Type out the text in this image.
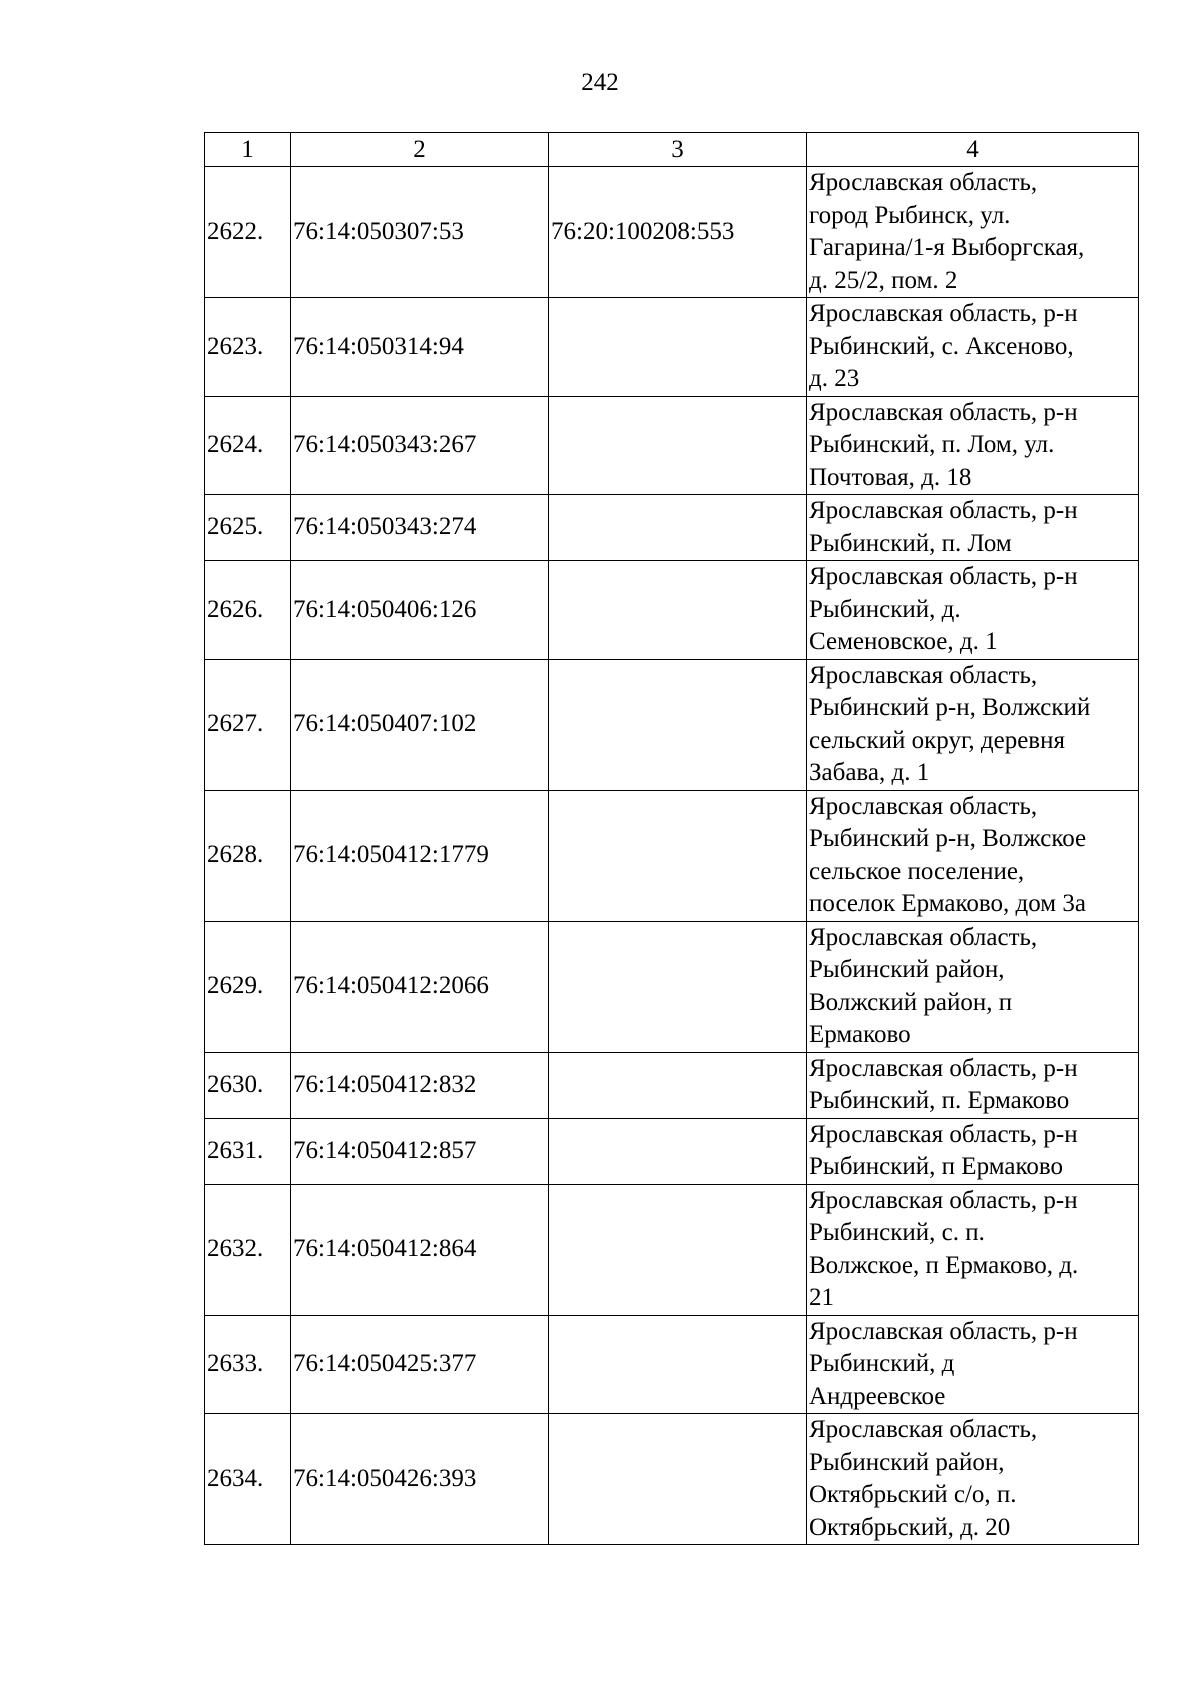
242
1	2	3	4
2622.	76:14:050307:53	76:20:100208:553	Ярославская область,
город Рыбинск, ул.
Гагарина/1-я Выборгская,
д. 25/2, пом. 2

2623.	76:14:050314:94		Ярославская область, р-н
Рыбинский, с. Аксеново,
д. 23

2624.	76:14:050343:267		Ярославская область, р-н
Рыбинский, п. Лом, ул.
Почтовая, д. 18

2625.	76:14:050343:274		Ярославская область, р-н
Рыбинский, п. Лом

2626.	76:14:050406:126		Ярославская область, р-н
Рыбинский, д.
Семеновское, д. 1

2627.	76:14:050407:102		Ярославская область,
Рыбинский р-н, Волжский
сельский округ, деревня
Забава, д. 1

2628.	76:14:050412:1779		Ярославская область,
Рыбинский р-н, Волжское
сельское поселение,
поселок Ермаково, дом 3а

2629.	76:14:050412:2066		Ярославская область,
Рыбинский район,
Волжский район, п
Ермаково

2630.	76:14:050412:832		Ярославская область, р-н
Рыбинский, п. Ермаково

2631.	76:14:050412:857		Ярославская область, р-н
Рыбинский, п Ермаково

2632.	76:14:050412:864		Ярославская область, р-н
Рыбинский, с. п.
Волжское, п Ермаково, д.
21

2633.	76:14:050425:377		Ярославская область, р-н
Рыбинский, д
Андреевское

2634.	76:14:050426:393		Ярославская область,
Рыбинский район,
Октябрьский с/о, п.
Октябрьский, д. 20
